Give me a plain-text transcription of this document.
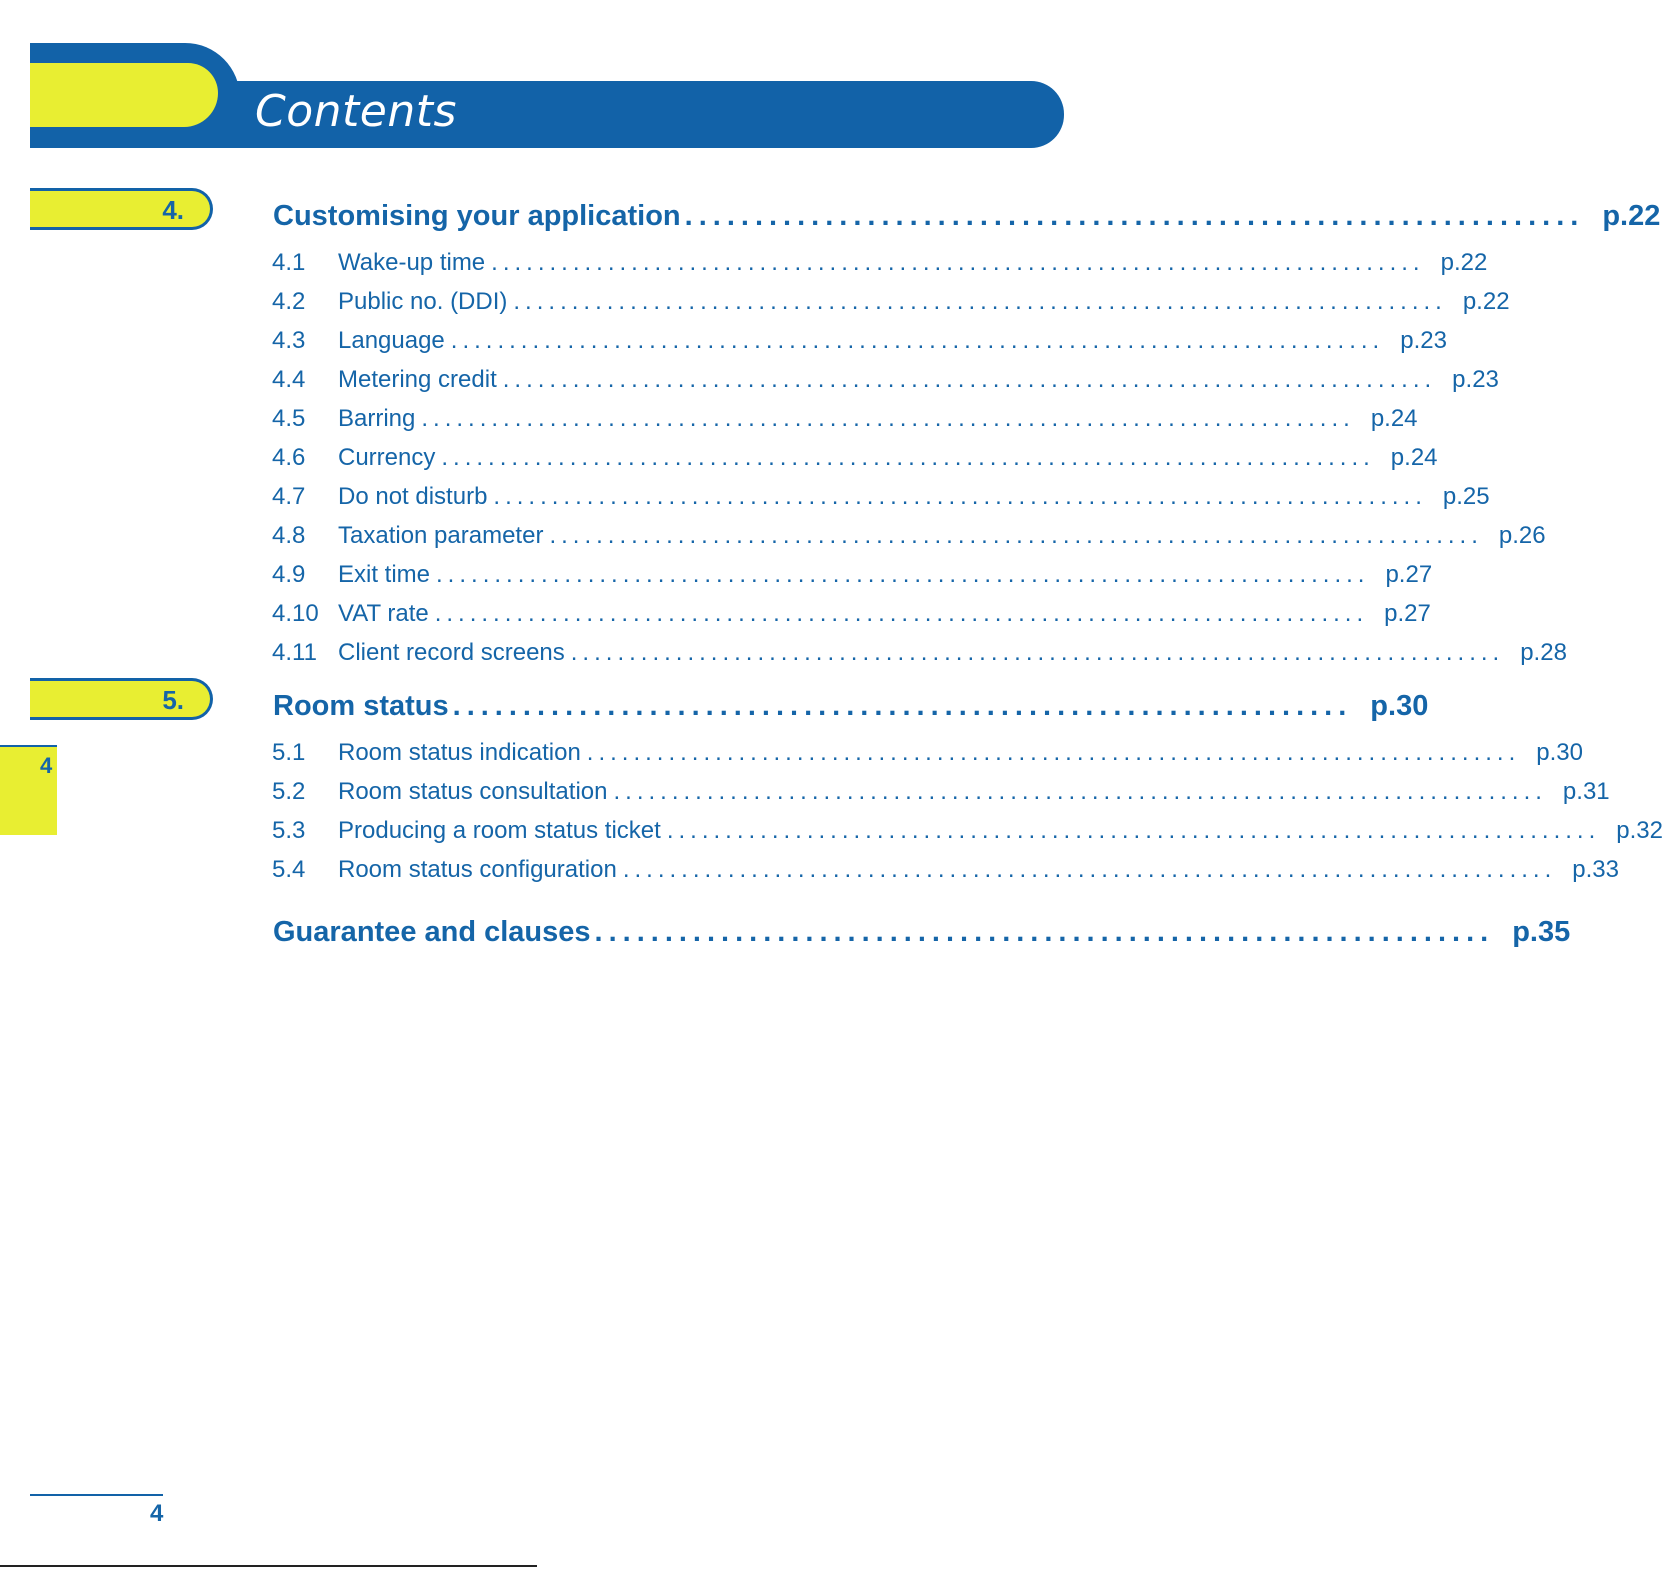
Contents
4.	Customising your application ................................................................ p.22
4.1	Wake-up time ................................................................................ p.22
4.2	Public no. (DDI) ................................................................................ p.22
4.3	Language ................................................................................ p.23
4.4	Metering credit ................................................................................ p.23
4.5	Barring ................................................................................ p.24
4.6	Currency ................................................................................ p.24
4.7	Do not disturb ................................................................................ p.25
4.8	Taxation parameter ................................................................................ p.26
4.9	Exit time ................................................................................ p.27
4.10 VAT rate ................................................................................ p.27
4.11 Client record screens ................................................................................ p.28
5.	Room status ................................................................ p.30
4	5.1	Room status indication ................................................................................ p.30
5.2	Room status consultation ................................................................................ p.31
5.3	Producing a room status ticket ................................................................................ p.32
5.4	Room status configuration ................................................................................ p.33
Guarantee and clauses ................................................................ p.35
4
